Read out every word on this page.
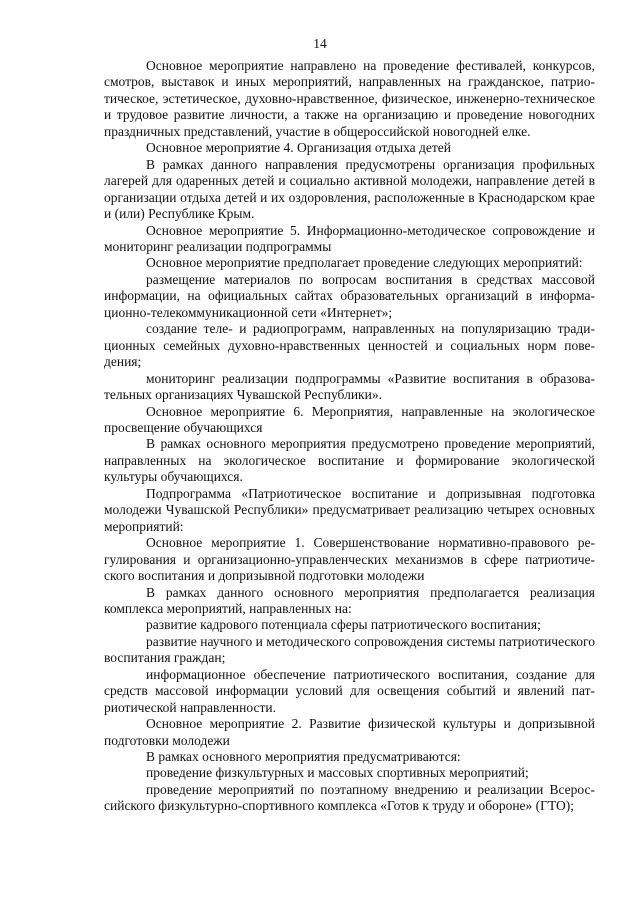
14

Основное мероприятие направлено на проведение фестивалей, конкурсов, смотров, выставок и иных мероприятий, направленных на гражданское, патриотическое, эстетическое, духовно-нравственное, физическое, инженерно-техническое и трудовое развитие личности, а также на организацию и проведение новогодних праздничных представлений, участие в общероссийской новогодней елке.

Основное мероприятие 4. Организация отдыха детей

В рамках данного направления предусмотрены организация профильных лагерей для одаренных детей и социально активной молодежи, направление детей в организации отдыха детей и их оздоровления, расположенные в Краснодарском крае и (или) Республике Крым.

Основное мероприятие 5. Информационно-методическое сопровождение и мониторинг реализации подпрограммы

Основное мероприятие предполагает проведение следующих мероприятий:

размещение материалов по вопросам воспитания в средствах массовой информации, на официальных сайтах образовательных организаций в информационно-телекоммуникационной сети «Интернет»;

создание теле- и радиопрограмм, направленных на популяризацию традиционных семейных духовно-нравственных ценностей и социальных норм поведения;

мониторинг реализации подпрограммы «Развитие воспитания в образовательных организациях Чувашской Республики».

Основное мероприятие 6. Мероприятия, направленные на экологическое просвещение обучающихся

В рамках основного мероприятия предусмотрено проведение мероприятий, направленных на экологическое воспитание и формирование экологической культуры обучающихся.

Подпрограмма «Патриотическое воспитание и допризывная подготовка молодежи Чувашской Республики» предусматривает реализацию четырех основных мероприятий:

Основное мероприятие 1. Совершенствование нормативно-правового регулирования и организационно-управленческих механизмов в сфере патриотического воспитания и допризывной подготовки молодежи

В рамках данного основного мероприятия предполагается реализация комплекса мероприятий, направленных на:

развитие кадрового потенциала сферы патриотического воспитания;

развитие научного и методического сопровождения системы патриотического воспитания граждан;

информационное обеспечение патриотического воспитания, создание для средств массовой информации условий для освещения событий и явлений патриотической направленности.

Основное мероприятие 2. Развитие физической культуры и допризывной подготовки молодежи

В рамках основного мероприятия предусматриваются:

проведение физкультурных и массовых спортивных мероприятий;

проведение мероприятий по поэтапному внедрению и реализации Всероссийского физкультурно-спортивного комплекса «Готов к труду и обороне» (ГТО);
